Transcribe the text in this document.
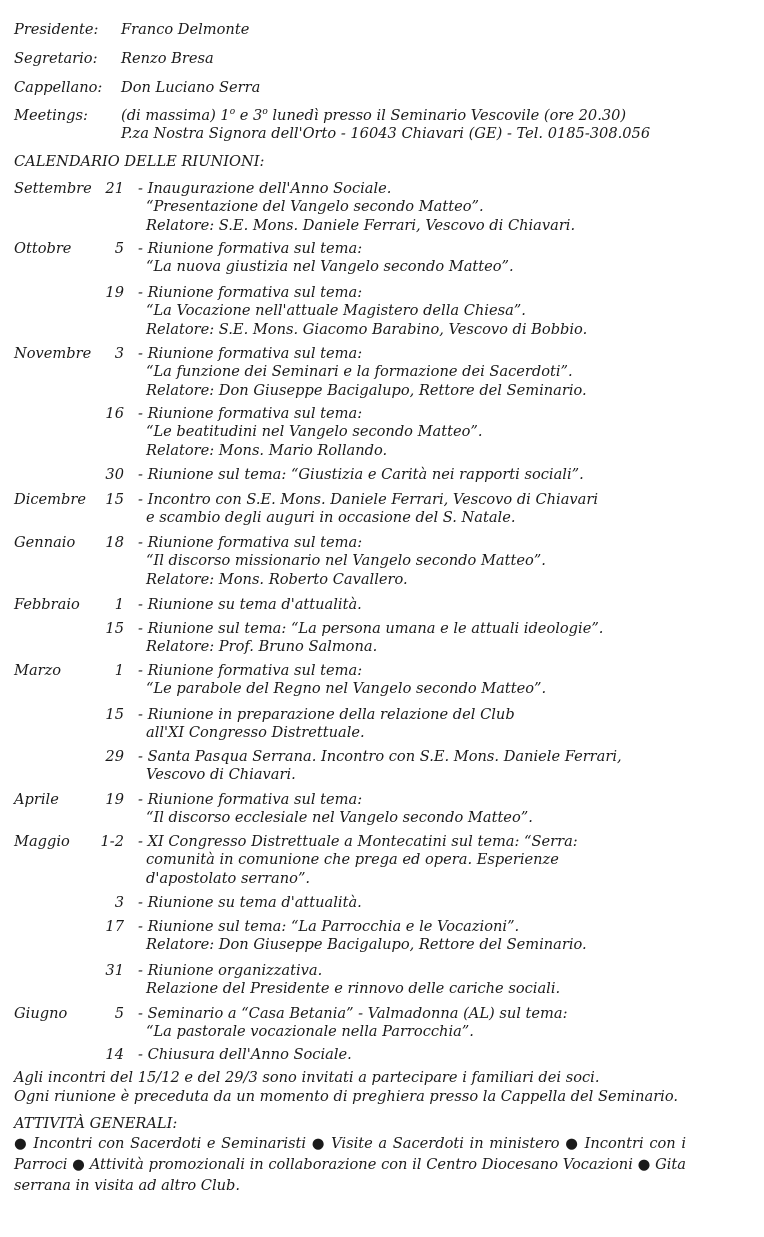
Presidente: Franco Delmonte
Segretario: Renzo Bresa
Cappellano: Don Luciano Serra
Meetings: (di massima) 1$^o$ e 3$^o$ lunedì presso il Seminario Vescovile (ore 20.30)
P.za Nostra Signora dell'Orto - 16043 Chiavari (GE) - Tel. 0185-308.056
CALENDARIO DELLE RIUNIONI:
Settembre 21 - Inaugurazione dell'Anno Sociale.
“Presentazione del Vangelo secondo Matteo”.
Relatore: S.E. Mons. Daniele Ferrari, Vescovo di Chiavari.
Ottobre	5 - Riunione formativa sul tema:
“La nuova giustizia nel Vangelo secondo Matteo”.
19 - Riunione formativa sul tema:
“La Vocazione nell'attuale Magistero della Chiesa”.
Relatore: S.E. Mons. Giacomo Barabino, Vescovo di Bobbio.
Novembre	3 - Riunione formativa sul tema:
“La funzione dei Seminari e la formazione dei Sacerdoti”.
Relatore: Don Giuseppe Bacigalupo, Rettore del Seminario.
16 - Riunione formativa sul tema:
“Le beatitudini nel Vangelo secondo Matteo”.
Relatore: Mons. Mario Rollando.
30 - Riunione sul tema: “Giustizia e Carità nei rapporti sociali”.
Dicembre	15 - Incontro con S.E. Mons. Daniele Ferrari, Vescovo di Chiavari
e scambio degli auguri in occasione del S. Natale.
Gennaio	18 - Riunione formativa sul tema:
“Il discorso missionario nel Vangelo secondo Matteo”.
Relatore: Mons. Roberto Cavallero.
Febbraio	1 - Riunione su tema d'attualità.
15 - Riunione sul tema: “La persona umana e le attuali ideologie”.
Relatore: Prof. Bruno Salmona.
Marzo	1 - Riunione formativa sul tema:
“Le parabole del Regno nel Vangelo secondo Matteo”.
15 - Riunione in preparazione della relazione del Club
all'XI Congresso Distrettuale.
29 - Santa Pasqua Serrana. Incontro con S.E. Mons. Daniele Ferrari,
Vescovo di Chiavari.
Aprile	19 - Riunione formativa sul tema:
“Il discorso ecclesiale nel Vangelo secondo Matteo”.
Maggio	1-2 - XI Congresso Distrettuale a Montecatini sul tema: “Serra:
comunità in comunione che prega ed opera. Esperienze
d'apostolato serrano”.
3 - Riunione su tema d'attualità.
17 - Riunione sul tema: “La Parrocchia e le Vocazioni”.
Relatore: Don Giuseppe Bacigalupo, Rettore del Seminario.
31 - Riunione organizzativa.
Relazione del Presidente e rinnovo delle cariche sociali.
Giugno	5 - Seminario a “Casa Betania” - Valmadonna (AL) sul tema:
“La pastorale vocazionale nella Parrocchia”.
14 - Chiusura dell'Anno Sociale.
Agli incontri del 15/12 e del 29/3 sono invitati a partecipare i familiari dei soci.
Ogni riunione è preceduta da un momento di preghiera presso la Cappella del Seminario.
ATTIVITÀ GENERALI:
● Incontri con Sacerdoti e Seminaristi ● Visite a Sacerdoti in ministero ● Incontri con i Parroci ● Attività promozionali in collaborazione con il Centro Diocesano Vocazioni ● Gita serrana in visita ad altro Club.
